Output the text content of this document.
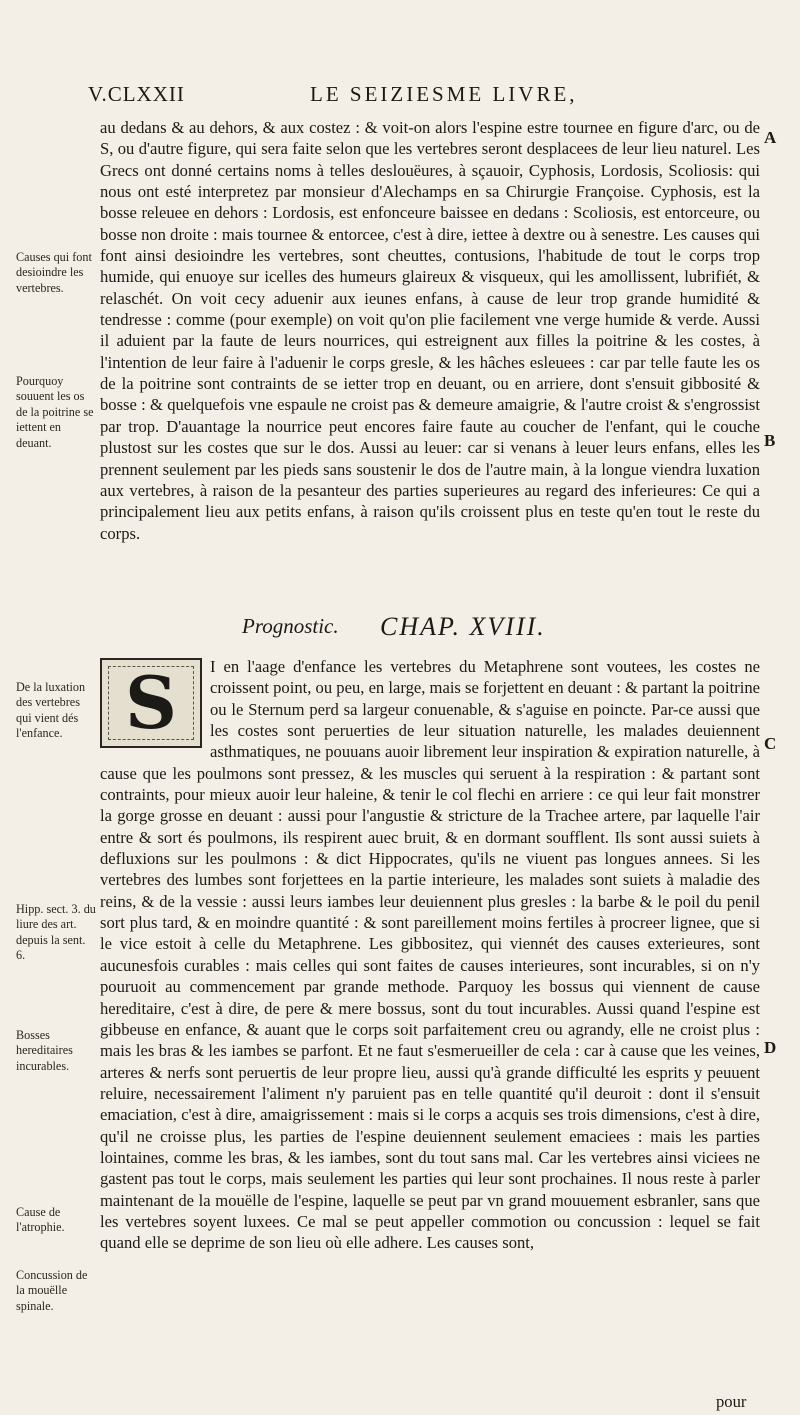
V.CLXXII	LE SEIZIESME LIVRE,

au dedans & au dehors, & aux costez : & voit-on alors l'espine estre tournee en figure d'arc, ou de S, ou d'autre figure, qui sera faite selon que les vertebres seront desplacees de leur lieu naturel. Les Grecs ont donné certains noms à telles deslouëures, à sçauoir, Cyphosis, Lordosis, Scoliosis: qui nous ont esté interpretez par monsieur d'Alechamps en sa Chirurgie Françoise. Cyphosis, est la bosse releuee en dehors : Lordosis, est enfonceure baissee en dedans : Scoliosis, est entorceure, ou bosse non droite : mais tournee & entorcee, c'est à dire, iettee à dextre ou à senestre. Les causes qui font ainsi desioindre les vertebres, sont cheuttes, contusions, l'habitude de tout le corps trop humide, qui enuoye sur icelles des humeurs glaireux & visqueux, qui les amollissent, lubrifiét, & relaschét. On voit cecy aduenir aux ieunes enfans, à cause de leur trop grande humidité & tendresse : comme (pour exemple) on voit qu'on plie facilement vne verge humide & verde. Aussi il aduient par la faute de leurs nourrices, qui estreignent aux filles la poitrine & les costes, à l'intention de leur faire à l'aduenir le corps gresle, & les hâches esleuees : car par telle faute les os de la poitrine sont contraints de se ietter trop en deuant, ou en arriere, dont s'ensuit gibbosité & bosse : & quelquefois vne espaule ne croist pas & demeure amaigrie, & l'autre croist & s'engrossist par trop. D'auantage la nourrice peut encores faire faute au coucher de l'enfant, qui le couche plustost sur les costes que sur le dos. Aussi au leuer: car si venans à leuer leurs enfans, elles les prennent seulement par les pieds sans soustenir le dos de l'autre main, à la longue viendra luxation aux vertebres, à raison de la pesanteur des parties superieures au regard des inferieures: Ce qui a principalement lieu aux petits enfans, à raison qu'ils croissent plus en teste qu'en tout le reste du corps.

Prognostic. CHAP. XVIII.
S	I en l'aage d'enfance les vertebres du Metaphrene sont voutees, les costes ne croissent point, ou peu, en large, mais se forjettent en deuant : & partant la poitrine ou le Sternum perd sa largeur conuenable, & s'aguise en poincte. Par-ce aussi que les costes sont peruerties de leur situation naturelle, les malades deuiennent asthmatiques, ne pouuans auoir librement leur inspiration & expiration naturelle, à cause que les poulmons sont pressez, & les muscles qui seruent à la respiration : & partant sont contraints, pour mieux auoir leur haleine, & tenir le col flechi en arriere : ce qui leur fait monstrer la gorge grosse en deuant : aussi pour l'angustie & stricture de la Trachee artere, par laquelle l'air entre & sort és poulmons, ils respirent auec bruit, & en dormant soufflent. Ils sont aussi suiets à defluxions sur les poulmons : & dict Hippocrates, qu'ils ne viuent pas longues annees. Si les vertebres des lumbes sont forjettees en la partie interieure, les malades sont suiets à maladie des reins, & de la vessie : aussi leurs iambes leur deuiennent plus gresles : la barbe & le poil du penil sort plus tard, & en moindre quantité : & sont pareillement moins fertiles à procreer lignee, que si le vice estoit à celle du Metaphrene. Les gibbositez, qui viennét des causes exterieures, sont aucunesfois curables : mais celles qui sont faites de causes interieures, sont incurables, si on n'y pouruoit au commencement par grande methode. Parquoy les bossus qui viennent de cause hereditaire, c'est à dire, de pere & mere bossus, sont du tout incurables. Aussi quand l'espine est gibbeuse en enfance, & auant que le corps soit parfaitement creu ou agrandy, elle ne croist plus : mais les bras & les iambes se parfont. Et ne faut s'esmerueiller de cela : car à cause que les veines, arteres & nerfs sont peruertis de leur propre lieu, aussi qu'à grande difficulté les esprits y peuuent reluire, necessairement l'aliment n'y paruient pas en telle quantité qu'il deuroit : dont il s'ensuit emaciation, c'est à dire, amaigrissement : mais si le corps a acquis ses trois dimensions, c'est à dire, qu'il ne croisse plus, les parties de l'espine deuiennent seulement emaciees : mais les parties lointaines, comme les bras, & les iambes, sont du tout sans mal. Car les vertebres ainsi viciees ne gastent pas tout le corps, mais seulement les parties qui leur sont prochaines. Il nous reste à parler maintenant de la mouëlle de l'espine, laquelle se peut par vn grand mouuement esbranler, sans que les vertebres soyent luxees. Ce mal se peut appeller commotion ou concussion : lequel se fait quand elle se deprime de son lieu où elle adhere. Les causes sont,

Causes qui font desioindre les vertebres.
Pourquoy souuent les os de la poitrine se iettent en deuant.
De la luxation des vertebres qui vient dés l'enfance.
Hipp. sect. 3. du liure des art. depuis la sent. 6.
Bosses hereditaires incurables.
Cause de l'atrophie.
Concussion de la mouëlle spinale.
A
B
C
D
pour
